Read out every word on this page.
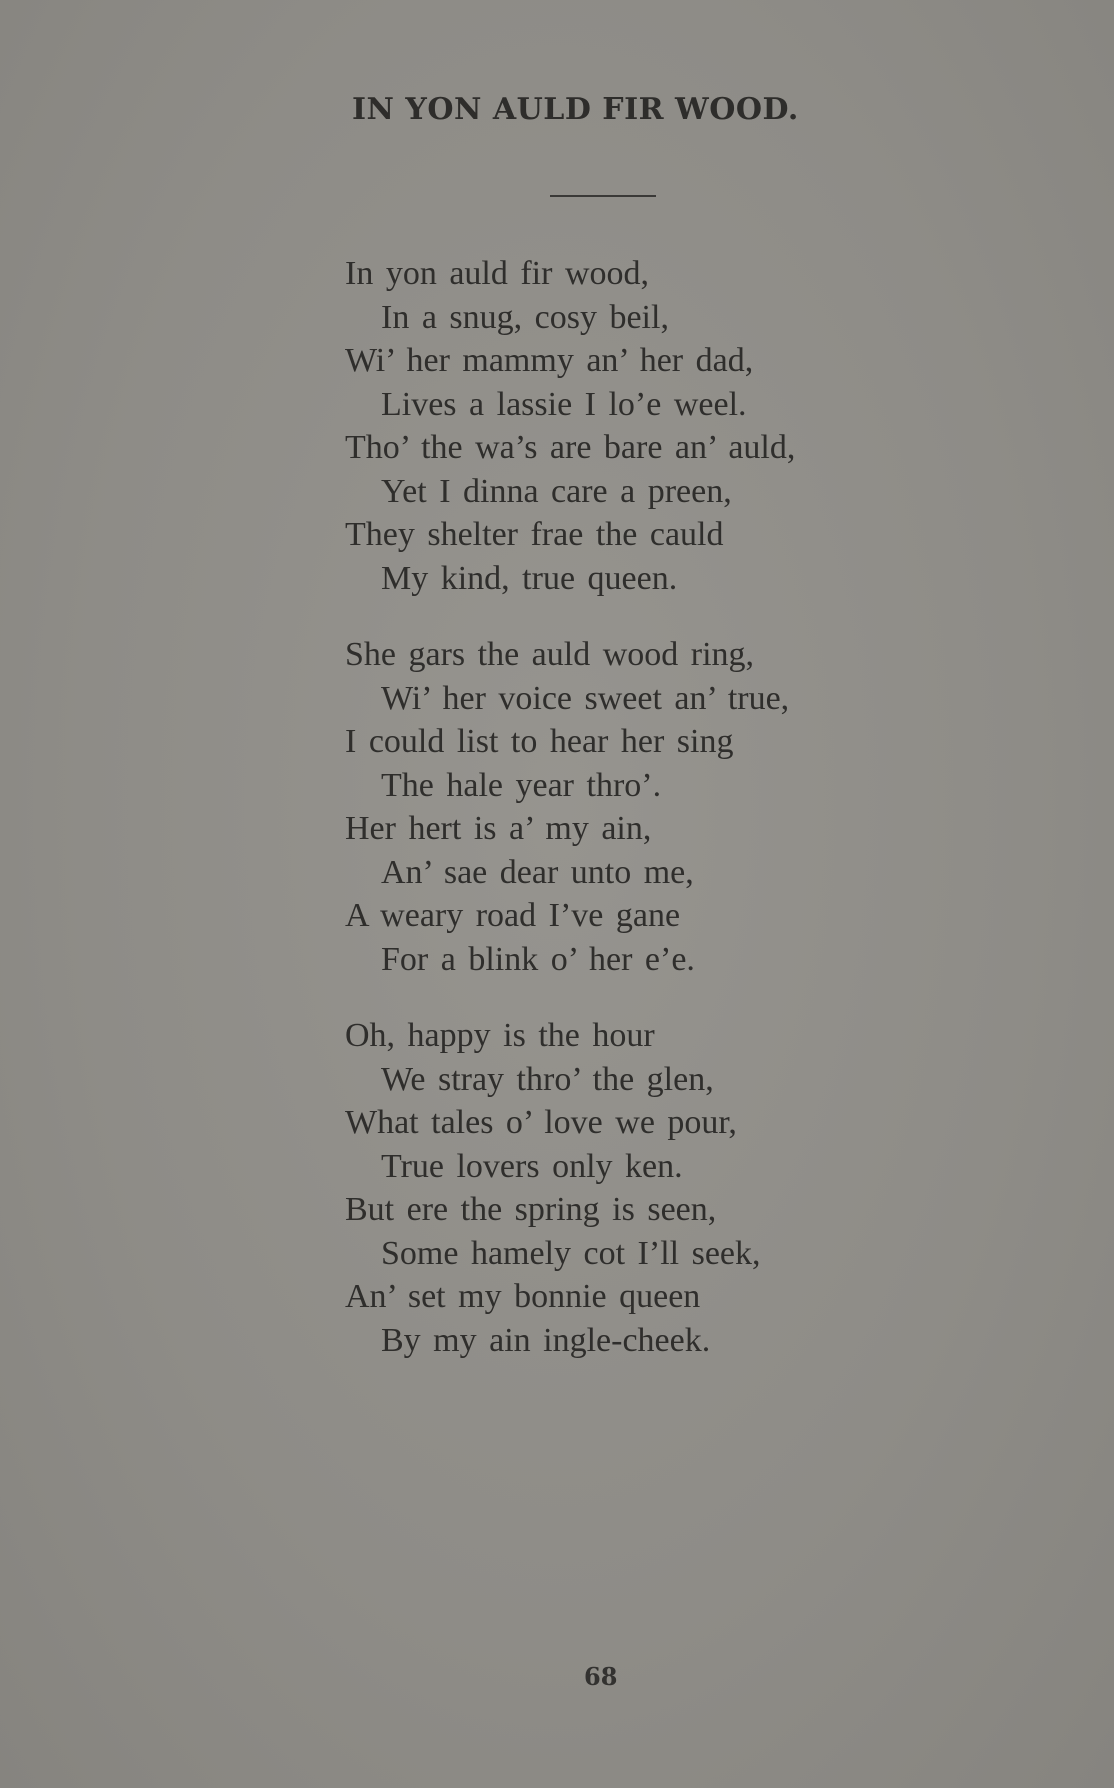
IN YON AULD FIR WOOD.
In yon auld fir wood,
In a snug, cosy beil,
Wi’ her mammy an’ her dad,
Lives a lassie I lo’e weel.
Tho’ the wa’s are bare an’ auld,
Yet I dinna care a preen,
They shelter frae the cauld
My kind, true queen.
She gars the auld wood ring,
Wi’ her voice sweet an’ true,
I could list to hear her sing
The hale year thro’.
Her hert is a’ my ain,
An’ sae dear unto me,
A weary road I’ve gane
For a blink o’ her e’e.
Oh, happy is the hour
We stray thro’ the glen,
What tales o’ love we pour,
True lovers only ken.
But ere the spring is seen,
Some hamely cot I’ll seek,
An’ set my bonnie queen
By my ain ingle-cheek.
68
